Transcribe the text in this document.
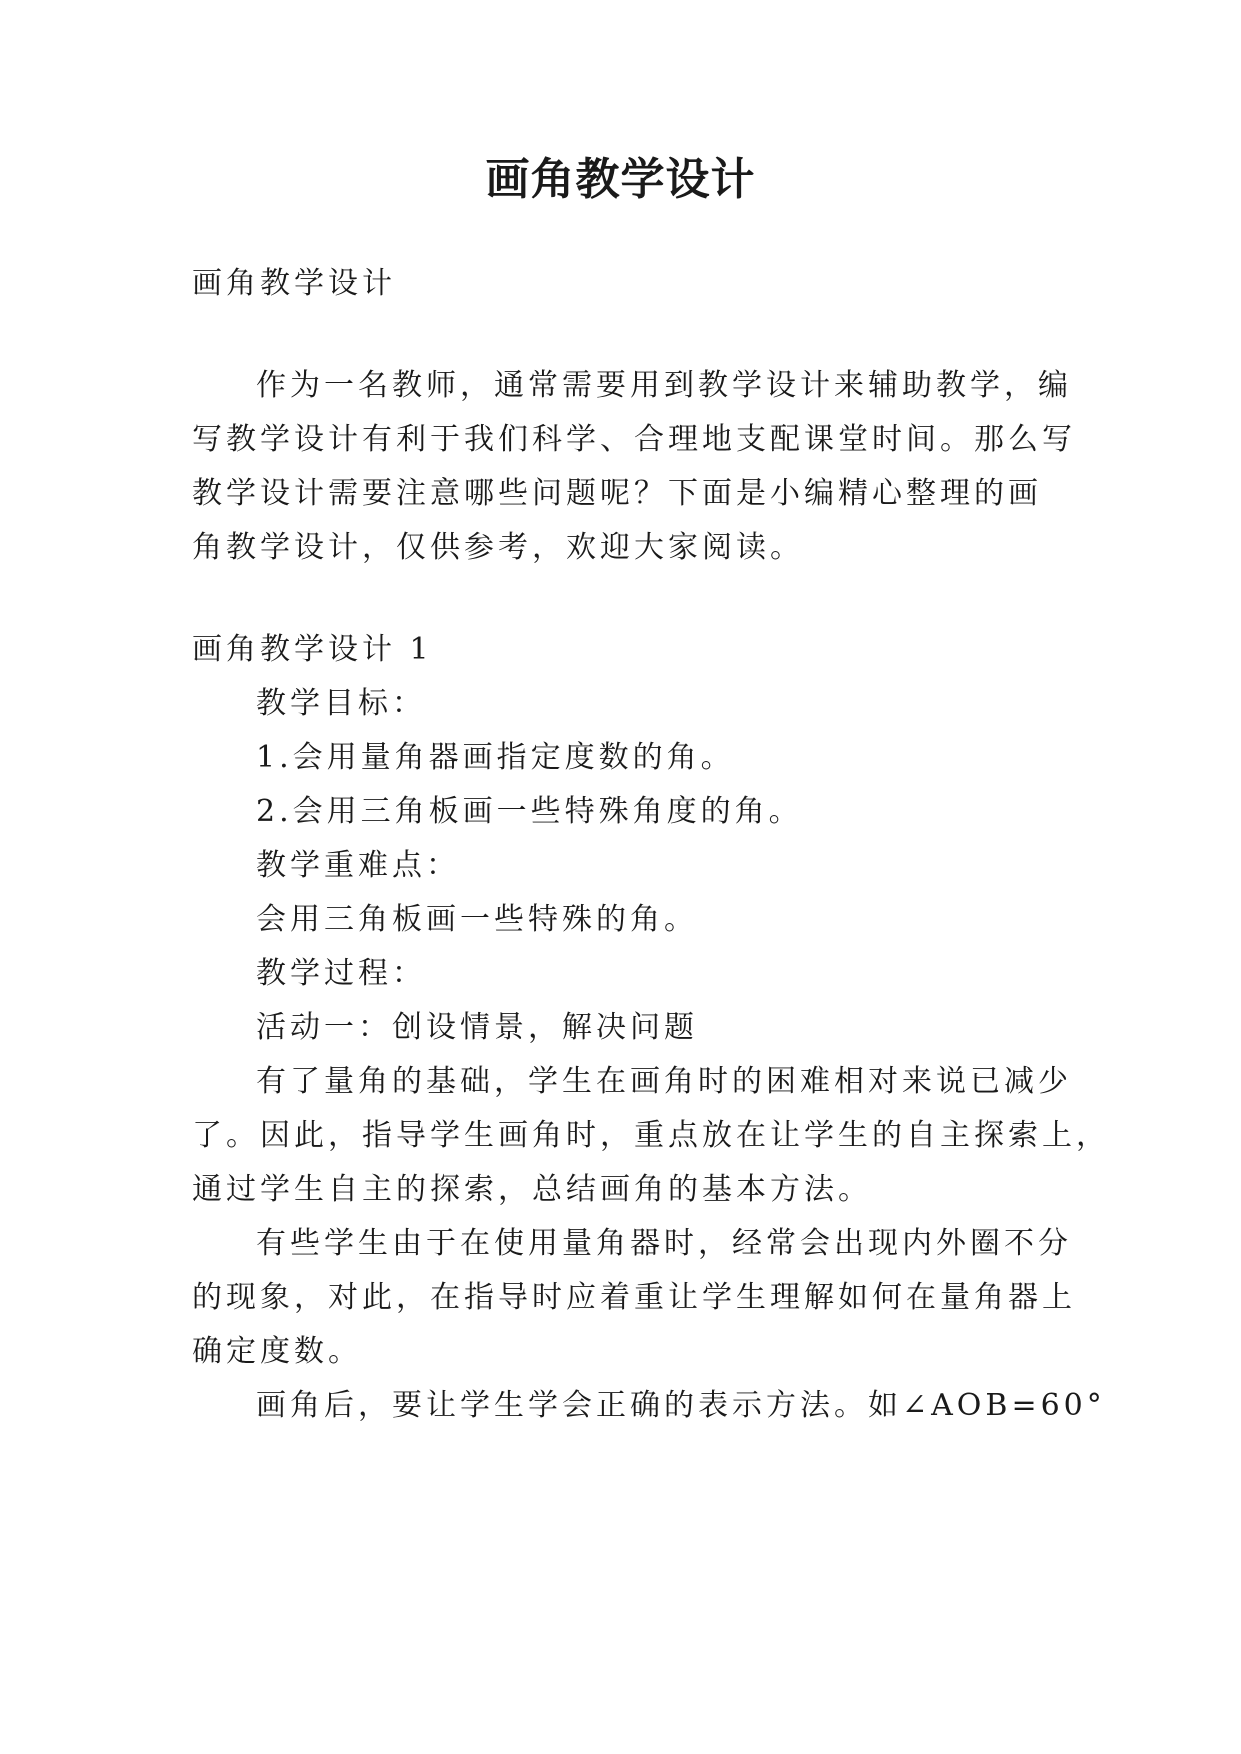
画角教学设计
画角教学设计
作为一名教师，通常需要用到教学设计来辅助教学，编
写教学设计有利于我们科学、合理地支配课堂时间。那么写
教学设计需要注意哪些问题呢？下面是小编精心整理的画
角教学设计，仅供参考，欢迎大家阅读。
画角教学设计 1
教学目标：
1.会用量角器画指定度数的角。
2.会用三角板画一些特殊角度的角。
教学重难点：
会用三角板画一些特殊的角。
教学过程：
活动一：创设情景，解决问题
有了量角的基础，学生在画角时的困难相对来说已减少
了。因此，指导学生画角时，重点放在让学生的自主探索上，
通过学生自主的探索，总结画角的基本方法。
有些学生由于在使用量角器时，经常会出现内外圈不分
的现象，对此，在指导时应着重让学生理解如何在量角器上
确定度数。
画角后，要让学生学会正确的表示方法。如∠AOB=60°
